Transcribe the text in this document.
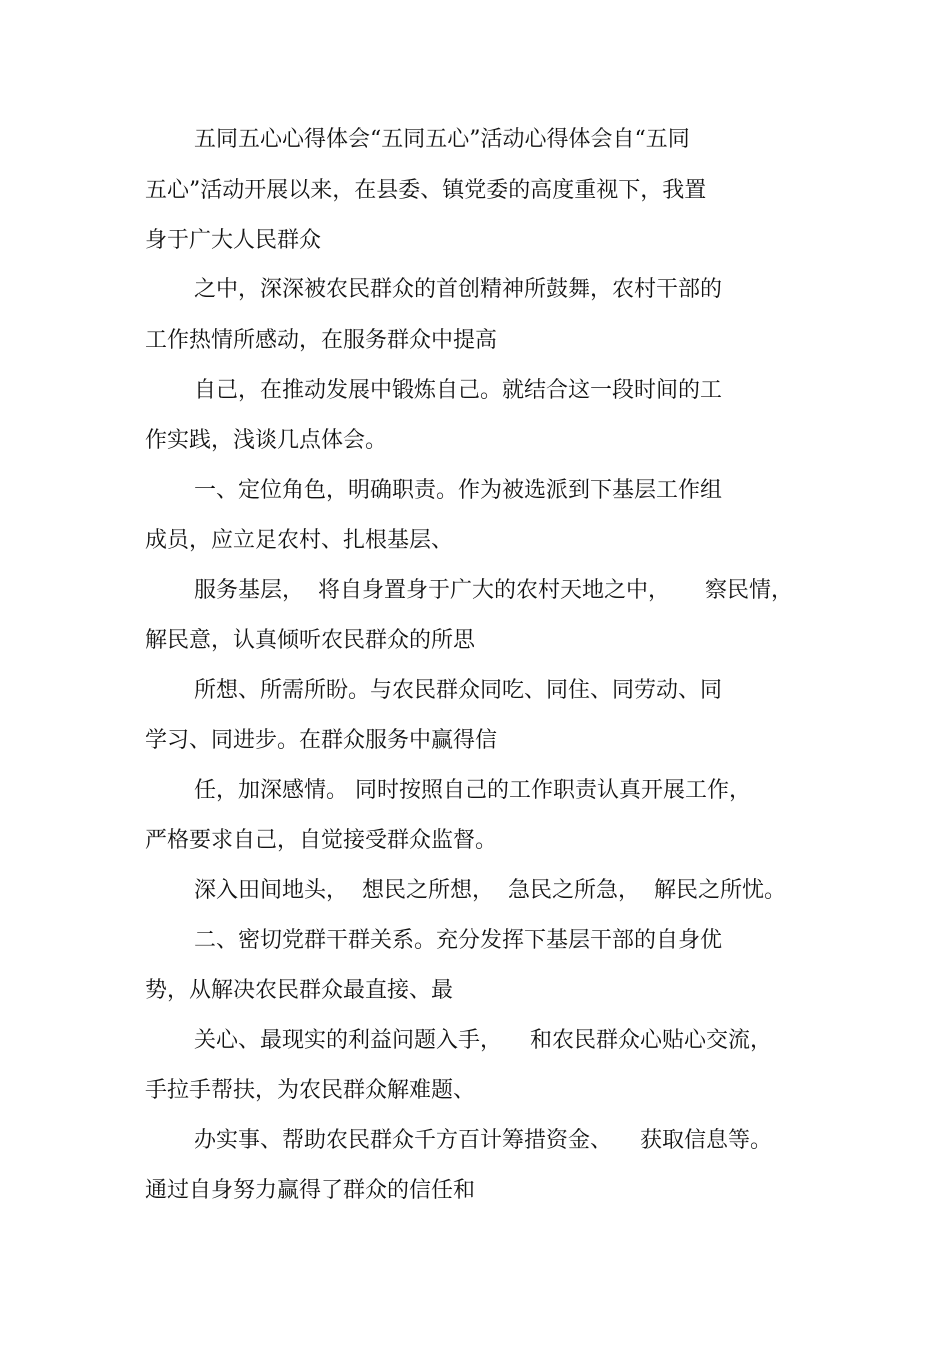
五同五心心得体会“五同五心”活动心得体会自“五同

五心”活动开展以来，在县委、镇党委的高度重视下，我置

身于广大人民群众

之中，深深被农民群众的首创精神所鼓舞，农村干部的

工作热情所感动，在服务群众中提高

自己，在推动发展中锻炼自己。就结合这一段时间的工

作实践，浅谈几点体会。

一、定位角色，明确职责。作为被选派到下基层工作组

成员，应立足农村、扎根基层、

服务基层，  将自身置身于广大的农村天地之中，     察民情，

解民意，认真倾听农民群众的所思

所想、所需所盼。与农民群众同吃、同住、同劳动、同

学习、同进步。在群众服务中赢得信

任，加深感情。 同时按照自己的工作职责认真开展工作，

严格要求自己，自觉接受群众监督。

深入田间地头，  想民之所想，  急民之所急，  解民之所忧。

二、密切党群干群关系。充分发挥下基层干部的自身优

势，从解决农民群众最直接、最

关心、最现实的利益问题入手，    和农民群众心贴心交流，

手拉手帮扶，为农民群众解难题、

办实事、帮助农民群众千方百计筹措资金、    获取信息等。

通过自身努力赢得了群众的信任和
